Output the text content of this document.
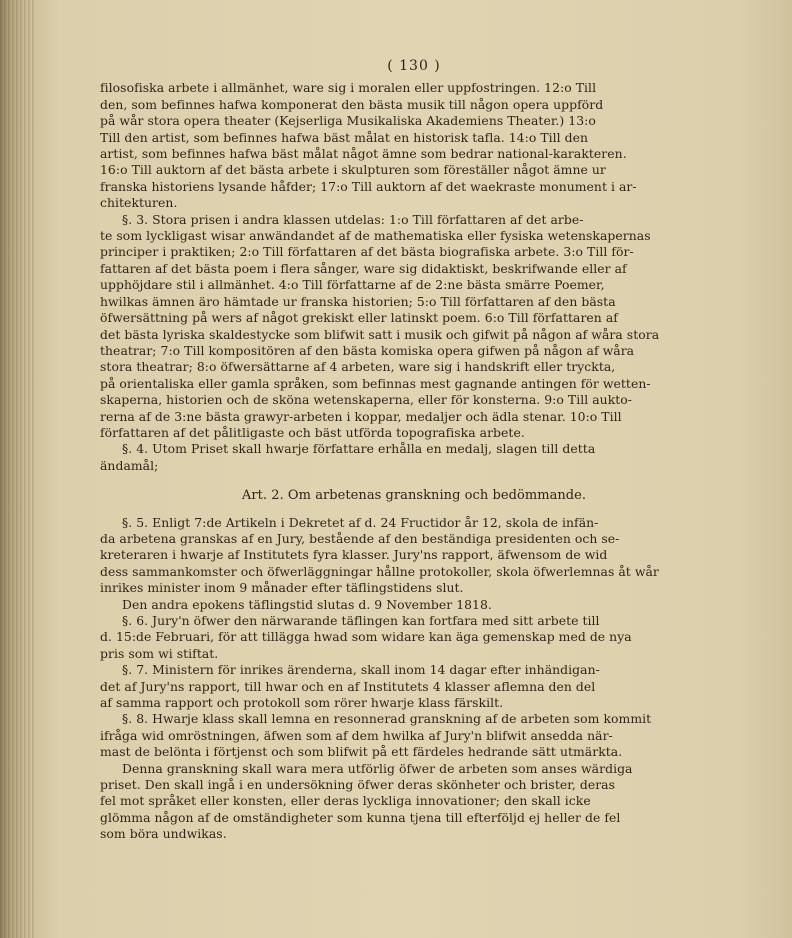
( 130 )
filosofiska arbete i allmänhet, ware sig i moralen eller uppfostringen. 12:o Till
den, som befinnes hafwa komponerat den bästa musik till någon opera uppförd
på wår stora opera theater (Kejserliga Musikaliska Akademiens Theater.) 13:o
Till den artist, som befinnes hafwa bäst målat en historisk tafla. 14:o Till den
artist, som befinnes hafwa bäst målat något ämne som bedrar national-karakteren.
16:o Till auktorn af det bästa arbete i skulpturen som föreställer något ämne ur
franska historiens lysande håfder; 17:o Till auktorn af det waekraste monument i ar-
chitekturen.
§. 3. Stora prisen i andra klassen utdelas: 1:o Till författaren af det arbe-
te som lyckligast wisar anwändandet af de mathematiska eller fysiska wetenskapernas
principer i praktiken; 2:o Till författaren af det bästa biografiska arbete. 3:o Till för-
fattaren af det bästa poem i flera sånger, ware sig didaktiskt, beskrifwande eller af
upphöjdare stil i allmänhet. 4:o Till författarne af de 2:ne bästa smärre Poemer,
hwilkas ämnen äro hämtade ur franska historien; 5:o Till författaren af den bästa
öfwersättning på wers af något grekiskt eller latinskt poem. 6:o Till författaren af
det bästa lyriska skaldestycke som blifwit satt i musik och gifwit på någon af wåra stora
theatrar; 7:o Till kompositören af den bästa komiska opera gifwen på någon af wåra
stora theatrar; 8:o öfwersättarne af 4 arbeten, ware sig i handskrift eller tryckta,
på orientaliska eller gamla språken, som befinnas mest gagnande antingen för wetten-
skaperna, historien och de sköna wetenskaperna, eller för konsterna. 9:o Till aukto-
rerna af de 3:ne bästa grawyr-arbeten i koppar, medaljer och ädla stenar. 10:o Till
författaren af det pålitligaste och bäst utförda topografiska arbete.
§. 4. Utom Priset skall hwarje författare erhålla en medalj, slagen till detta
ändamål;
Art. 2. Om arbetenas granskning och bedömmande.
§. 5. Enligt 7:de Artikeln i Dekretet af d. 24 Fructidor år 12, skola de infän-
da arbetena granskas af en Jury, bestående af den beständiga presidenten och se-
kreteraren i hwarje af Institutets fyra klasser. Jury'ns rapport, äfwensom de wid
dess sammankomster och öfwerläggningar hållne protokoller, skola öfwerlemnas åt wår
inrikes minister inom 9 månader efter täflingstidens slut.
Den andra epokens täflingstid slutas d. 9 November 1818.
§. 6. Jury'n öfwer den närwarande täflingen kan fortfara med sitt arbete till
d. 15:de Februari, för att tillägga hwad som widare kan äga gemenskap med de nya
pris som wi stiftat.
§. 7. Ministern för inrikes ärenderna, skall inom 14 dagar efter inhändigan-
det af Jury'ns rapport, till hwar och en af Institutets 4 klasser aflemna den del
af samma rapport och protokoll som rörer hwarje klass färskilt.
§. 8. Hwarje klass skall lemna en resonnerad granskning af de arbeten som kommit
ifråga wid omröstningen, äfwen som af dem hwilka af Jury'n blifwit ansedda när-
mast de belönta i förtjenst och som blifwit på ett färdeles hedrande sätt utmärkta.
Denna granskning skall wara mera utförlig öfwer de arbeten som anses wärdiga
priset. Den skall ingå i en undersökning öfwer deras skönheter och brister, deras
fel mot språket eller konsten, eller deras lyckliga innovationer; den skall icke
glömma någon af de omständigheter som kunna tjena till efterföljd ej heller de fel
som böra undwikas.
